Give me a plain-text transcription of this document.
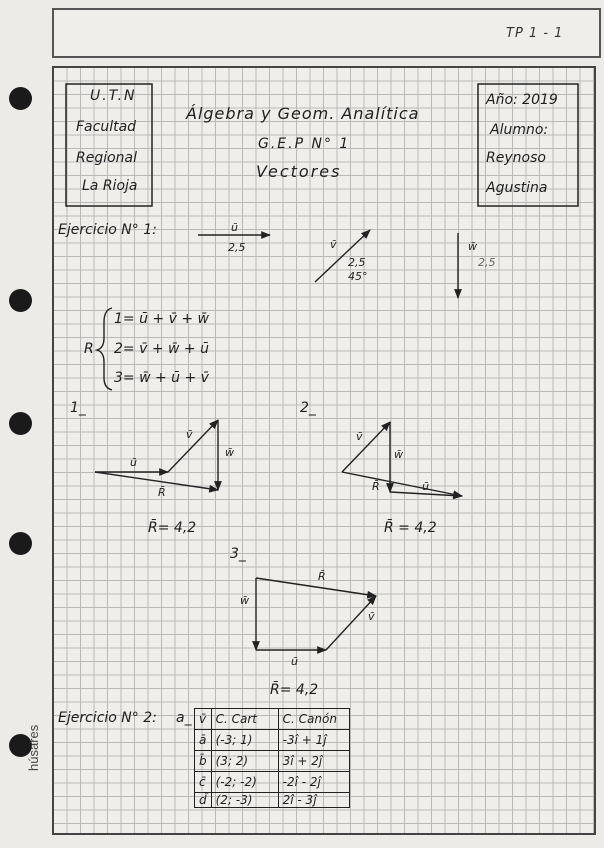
TP 1 - 1
húsares
U.T.N
Facultad
Regional
La Rioja
Álgebra y Geom. Analítica
G.E.P N° 1
Vectores
Año: 2019
Alumno:
Reynoso
Agustina
Ejercicio N° 1:	ū
2,5	v̄
2,5
45°
w̄
2,5
R
1= ū + v̄ + w̄
2= v̄ + w̄ + ū
3= w̄ + ū + v̄
1_
ū
v̄
w̄
R̄
R̄= 4,2
2_
v̄
w̄
R̄	ū
R̄ = 4,2
3_
R̄
w̄
v̄
ū
R̄= 4,2
Ejercicio N° 2: a_ v̄	C. Cart	C. Canón
ā	(-3; 1)	-3î + 1ĵ
b̄	(3; 2)	3î + 2ĵ
c̄	(-2; -2)	-2î - 2ĵ
d̄	(2; -3)	2î - 3ĵ
